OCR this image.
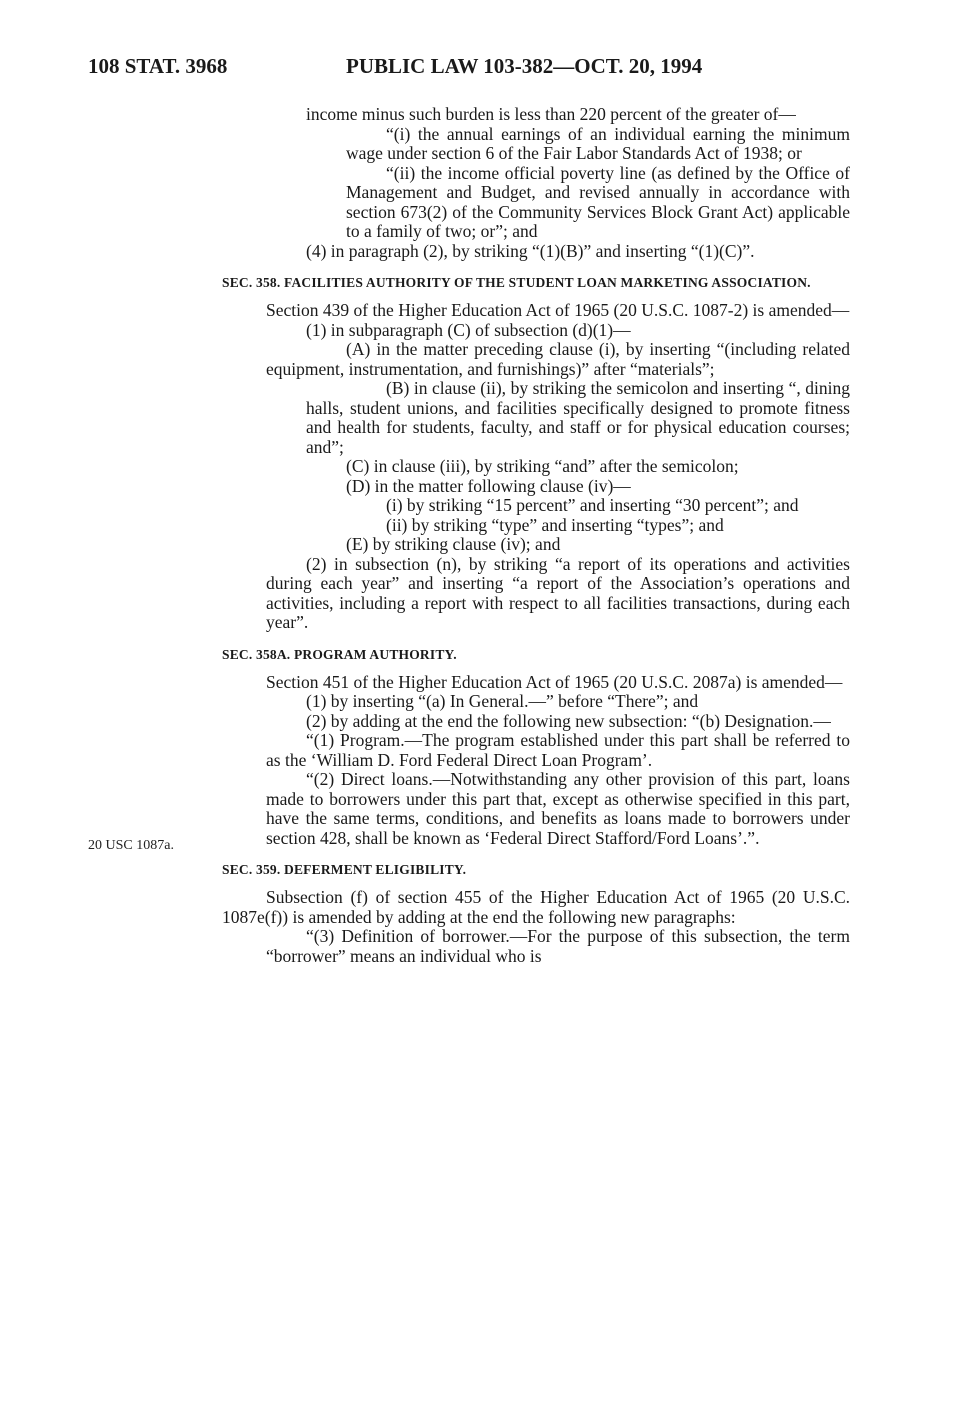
108 STAT. 3968	PUBLIC LAW 103-382—OCT. 20, 1994
20 USC 1087a.

income minus such burden is less than 220 percent of the greater of—

“(i) the annual earnings of an individual earning the minimum wage under section 6 of the Fair Labor Standards Act of 1938; or

“(ii) the income official poverty line (as defined by the Office of Management and Budget, and revised annually in accordance with section 673(2) of the Community Services Block Grant Act) applicable to a family of two; or”; and

(4) in paragraph (2), by striking “(1)(B)” and inserting “(1)(C)”.

SEC. 358. FACILITIES AUTHORITY OF THE STUDENT LOAN MARKETING ASSOCIATION.

Section 439 of the Higher Education Act of 1965 (20 U.S.C. 1087-2) is amended—

(1) in subparagraph (C) of subsection (d)(1)—

(A) in the matter preceding clause (i), by inserting “(including related equipment, instrumentation, and furnishings)” after “materials”;

(B) in clause (ii), by striking the semicolon and inserting “, dining halls, student unions, and facilities specifically designed to promote fitness and health for students, faculty, and staff or for physical education courses; and”;

(C) in clause (iii), by striking “and” after the semicolon;

(D) in the matter following clause (iv)—

(i) by striking “15 percent” and inserting “30 percent”; and

(ii) by striking “type” and inserting “types”; and

(E) by striking clause (iv); and

(2) in subsection (n), by striking “a report of its operations and activities during each year” and inserting “a report of the Association’s operations and activities, including a report with respect to all facilities transactions, during each year”.

SEC. 358A. PROGRAM AUTHORITY.

Section 451 of the Higher Education Act of 1965 (20 U.S.C. 2087a) is amended—

(1) by inserting “(a) In General.—” before “There”; and

(2) by adding at the end the following new subsection: “(b) Designation.—

“(1) Program.—The program established under this part shall be referred to as the ‘William D. Ford Federal Direct Loan Program’.

“(2) Direct loans.—Notwithstanding any other provision of this part, loans made to borrowers under this part that, except as otherwise specified in this part, have the same terms, conditions, and benefits as loans made to borrowers under section 428, shall be known as ‘Federal Direct Stafford/Ford Loans’.”.

SEC. 359. DEFERMENT ELIGIBILITY.

Subsection (f) of section 455 of the Higher Education Act of 1965 (20 U.S.C. 1087e(f)) is amended by adding at the end the following new paragraphs:

“(3) Definition of borrower.—For the purpose of this subsection, the term “borrower” means an individual who is
